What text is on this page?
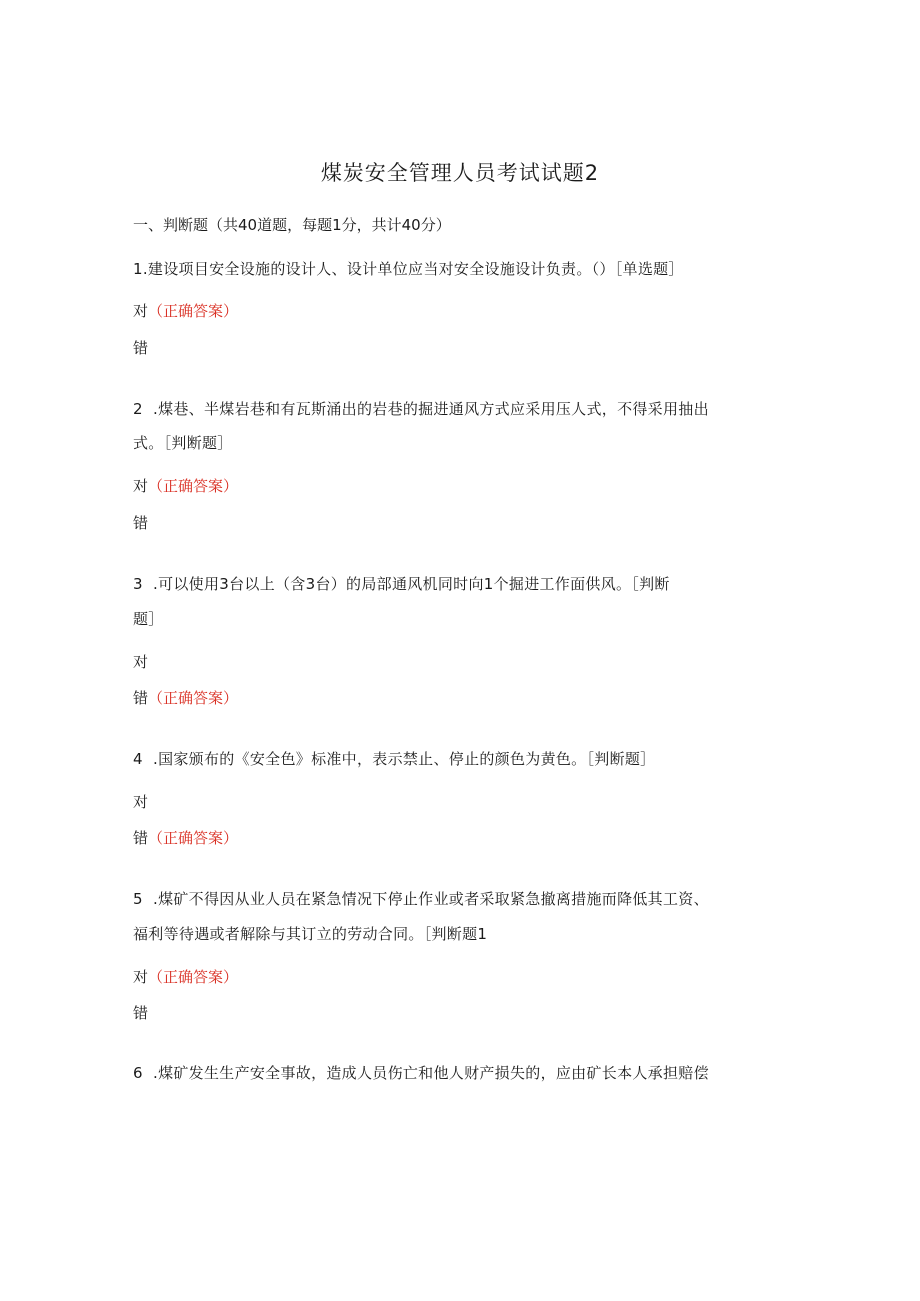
煤炭安全管理人员考试试题2
一、判断题（共40道题，每题1分，共计40分）
1.建设项目安全设施的设计人、设计单位应当对安全设施设计负责。（）［单选题］
对（正确答案）
错
2 .煤巷、半煤岩巷和有瓦斯涌出的岩巷的掘进通风方式应采用压人式，不得采用抽出
式。［判断题］
对（正确答案）
错
3 .可以使用3台以上（含3台）的局部通风机同时向1个掘进工作面供风。［判断
题］
对
错（正确答案）
4 .国家颁布的《安全色》标准中，表示禁止、停止的颜色为黄色。［判断题］
对
错（正确答案）
5 .煤矿不得因从业人员在紧急情况下停止作业或者采取紧急撤离措施而降低其工资、
福利等待遇或者解除与其订立的劳动合同。［判断题1
对（正确答案）
错
6 .煤矿发生生产安全事故，造成人员伤亡和他人财产损失的，应由矿长本人承担赔偿
